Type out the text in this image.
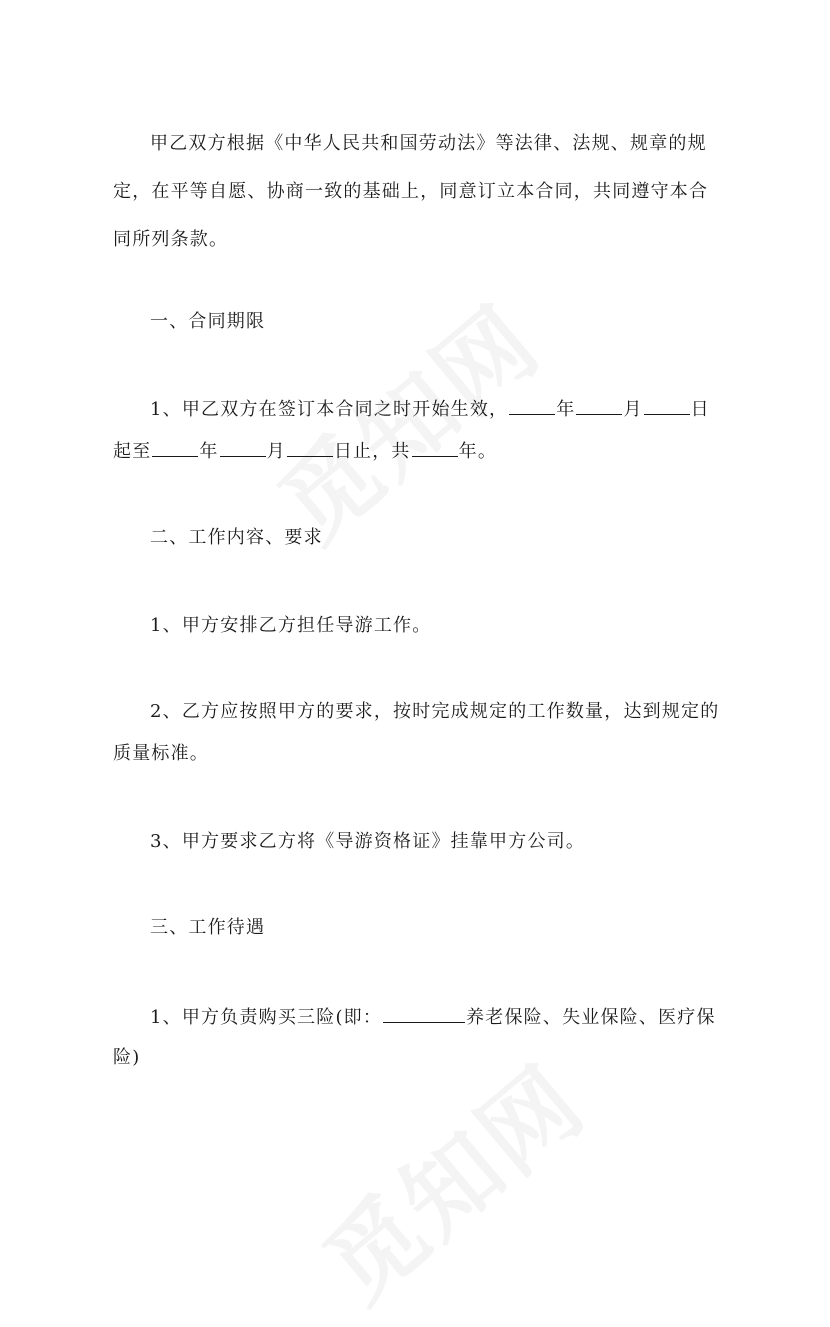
甲乙双方根据《中华人民共和国劳动法》等法律、法规、规章的规
定，在平等自愿、协商一致的基础上，同意订立本合同，共同遵守本合
同所列条款。
一、合同期限
1、甲乙双方在签订本合同之时开始生效，	年	月	日
起至	年	月	日止，共	年。
二、工作内容、要求
1、甲方安排乙方担任导游工作。
2、乙方应按照甲方的要求，按时完成规定的工作数量，达到规定的
质量标准。
3、甲方要求乙方将《导游资格证》挂靠甲方公司。
三、工作待遇
1、甲方负责购买三险(即：	养老保险、失业保险、医疗保
险)
